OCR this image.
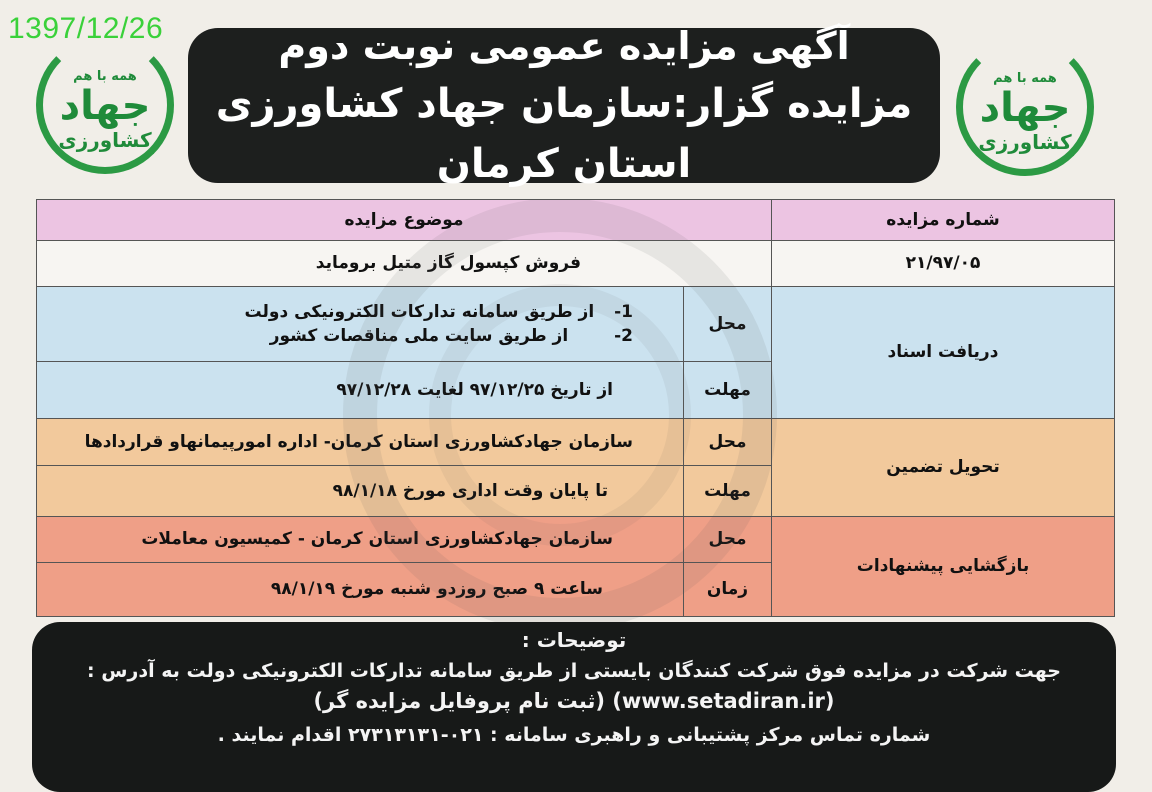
1397/12/26
همه با هم
جهاد
کشاورزی
همه با هم
جهاد
کشاورزی
آگهی مزایده عمومی نوبت دوم
مزایده گزار:سازمان جهاد کشاورزی استان کرمان
شماره مزایده	موضوع مزایده	
۲۱/۹۷/۰۵	فروش کپسول گاز متیل برومايد	
دریافت اسناد	محل	1- از طریق سامانه تدارکات الکترونیکی دولت
2- از طریق سایت ملی مناقصات کشور

	مهلت	از تاریخ ۹۷/۱۲/۲۵ لغایت ۹۷/۱۲/۲۸
تحویل تضمین	محل	سازمان جهادکشاورزی استان کرمان- اداره امورپیمانهاو قراردادها
	مهلت	تا پایان وقت اداری مورخ ۹۸/۱/۱۸
بازگشایی پیشنهادات	محل	سازمان جهادکشاورزی استان کرمان - کمیسیون معاملات
	زمان	ساعت ۹ صبح روزدو شنبه مورخ ۹۸/۱/۱۹
توضیحات :
جهت شرکت در مزایده فوق شرکت کنندگان بایستی از طریق سامانه تدارکات الکترونیکی دولت به آدرس :
(www.setadiran.ir) (ثبت نام پروفایل مزایده گر)
شماره تماس مرکز پشتیبانی و راهبری سامانه : ۰۲۱-۲۷۳۱۳۱۳۱ اقدام نمایند .
